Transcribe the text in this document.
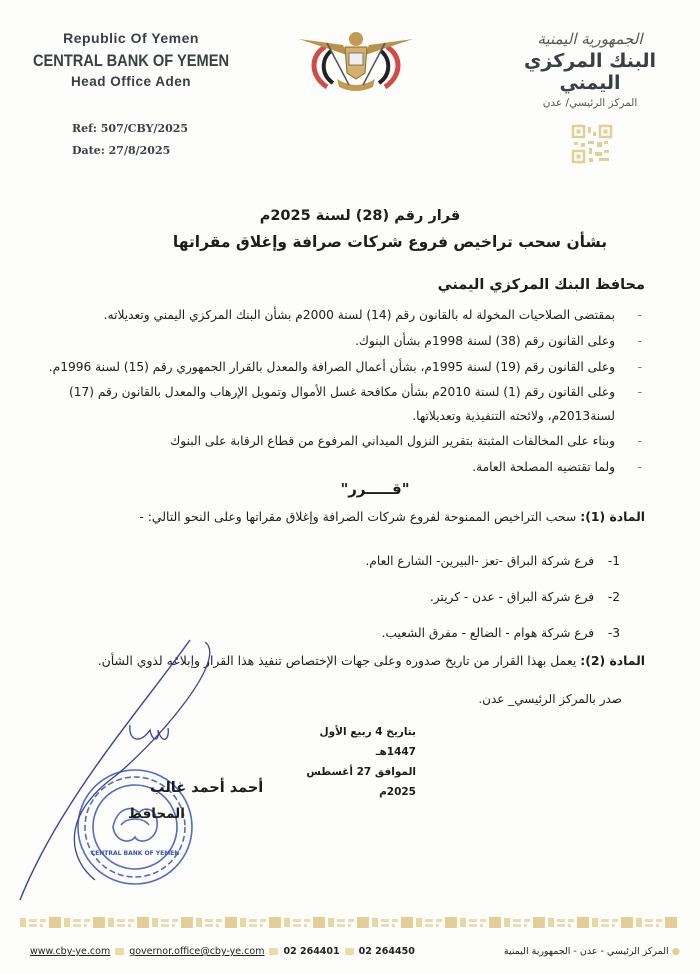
Republic Of Yemen
CENTRAL BANK OF YEMEN
Head Office Aden
Ref: 507/CBY/2025
Date: 27/8/2025
الجمهورية اليمنية
البنك المركزي اليمني
المركز الرئيسي/ عدن
قرار رقم (28) لسنة 2025م
بشأن سحب تراخيص فروع شركات صرافة وإغلاق مقراتها
محافظ البنك المركزي اليمني
-
بمقتضى الصلاحيات المخولة له بالقانون رقم (14) لسنة 2000م بشأن البنك المركزي اليمني وتعديلاته.
-
وعلى القانون رقم (38) لسنة 1998م بشأن البنوك.
-
وعلى القانون رقم (19) لسنة 1995م، بشأن أعمال الصرافة والمعدل بالقرار الجمهوري رقم (15) لسنة 1996م.
-
وعلى القانون رقم (1) لسنة 2010م بشأن مكافحة غسل الأموال وتمويل الإرهاب والمعدل بالقانون رقم (17) لسنة2013م، ولائحته التنفيذية وتعديلاتها.
-
وبناء على المخالفات المثبتة بتقرير النزول الميداني المرفوع من قطاع الرقابة على البنوك
-
ولما تقتضيه المصلحة العامة.
"قـــــرر"
المادة (1): سحب التراخيص الممنوحة لفروع شركات الصرافة وإغلاق مقراتها وعلى النحو التالي: -
1- فرع شركة البراق -تعز -البيرين- الشارع العام.
2- فرع شركة البراق - عدن - كريتر.
3- فرع شركة هوام - الضالع - مفرق الشعيب.
المادة (2): يعمل بهذا القرار من تاريخ صدوره وعلى جهات الإختصاص تنفيذ هذا القرار وإبلاغه لذوي الشأن.
صدر بالمركز الرئيسي_ عدن.
بتاريخ 4 ربيع الأول 1447هـ
الموافق 27 أغسطس 2025م
CENTRAL BANK OF YEMEN
أحمد أحمد غالب
المحافظ
www.cby-ye.com governor.office@cby-ye.com 02 264401 02 264450	● المركز الرئيسي - عدن - الجمهورية اليمنية
